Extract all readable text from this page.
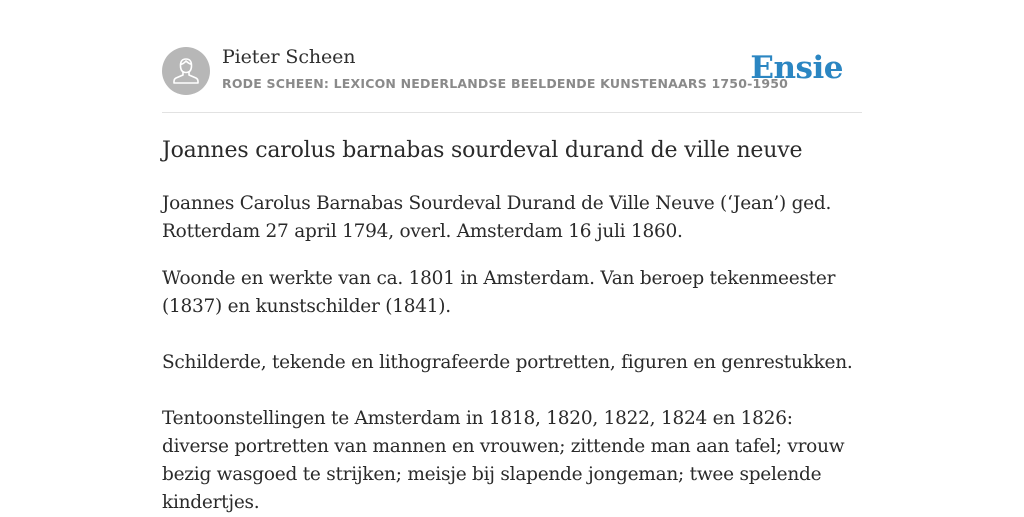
Pieter Scheen
RODE SCHEEN: LEXICON NEDERLANDSE BEELDENDE KUNSTENAARS 1750-1950
Ensie
Joannes carolus barnabas sourdeval durand de ville neuve

Joannes Carolus Barnabas Sourdeval Durand de Ville Neuve (‘Jean’) ged. Rotterdam 27 april 1794, overl. Amsterdam 16 juli 1860.

Woonde en werkte van ca. 1801 in Amsterdam. Van beroep tekenmeester (1837) en kunstschilder (1841).

Schilderde, tekende en lithografeerde portretten, figuren en genrestukken.

Tentoonstellingen te Amsterdam in 1818, 1820, 1822, 1824 en 1826: diverse portretten van mannen en vrouwen; zittende man aan tafel; vrouw bezig wasgoed te strijken; meisje bij slapende jongeman; twee spelende kindertjes.
